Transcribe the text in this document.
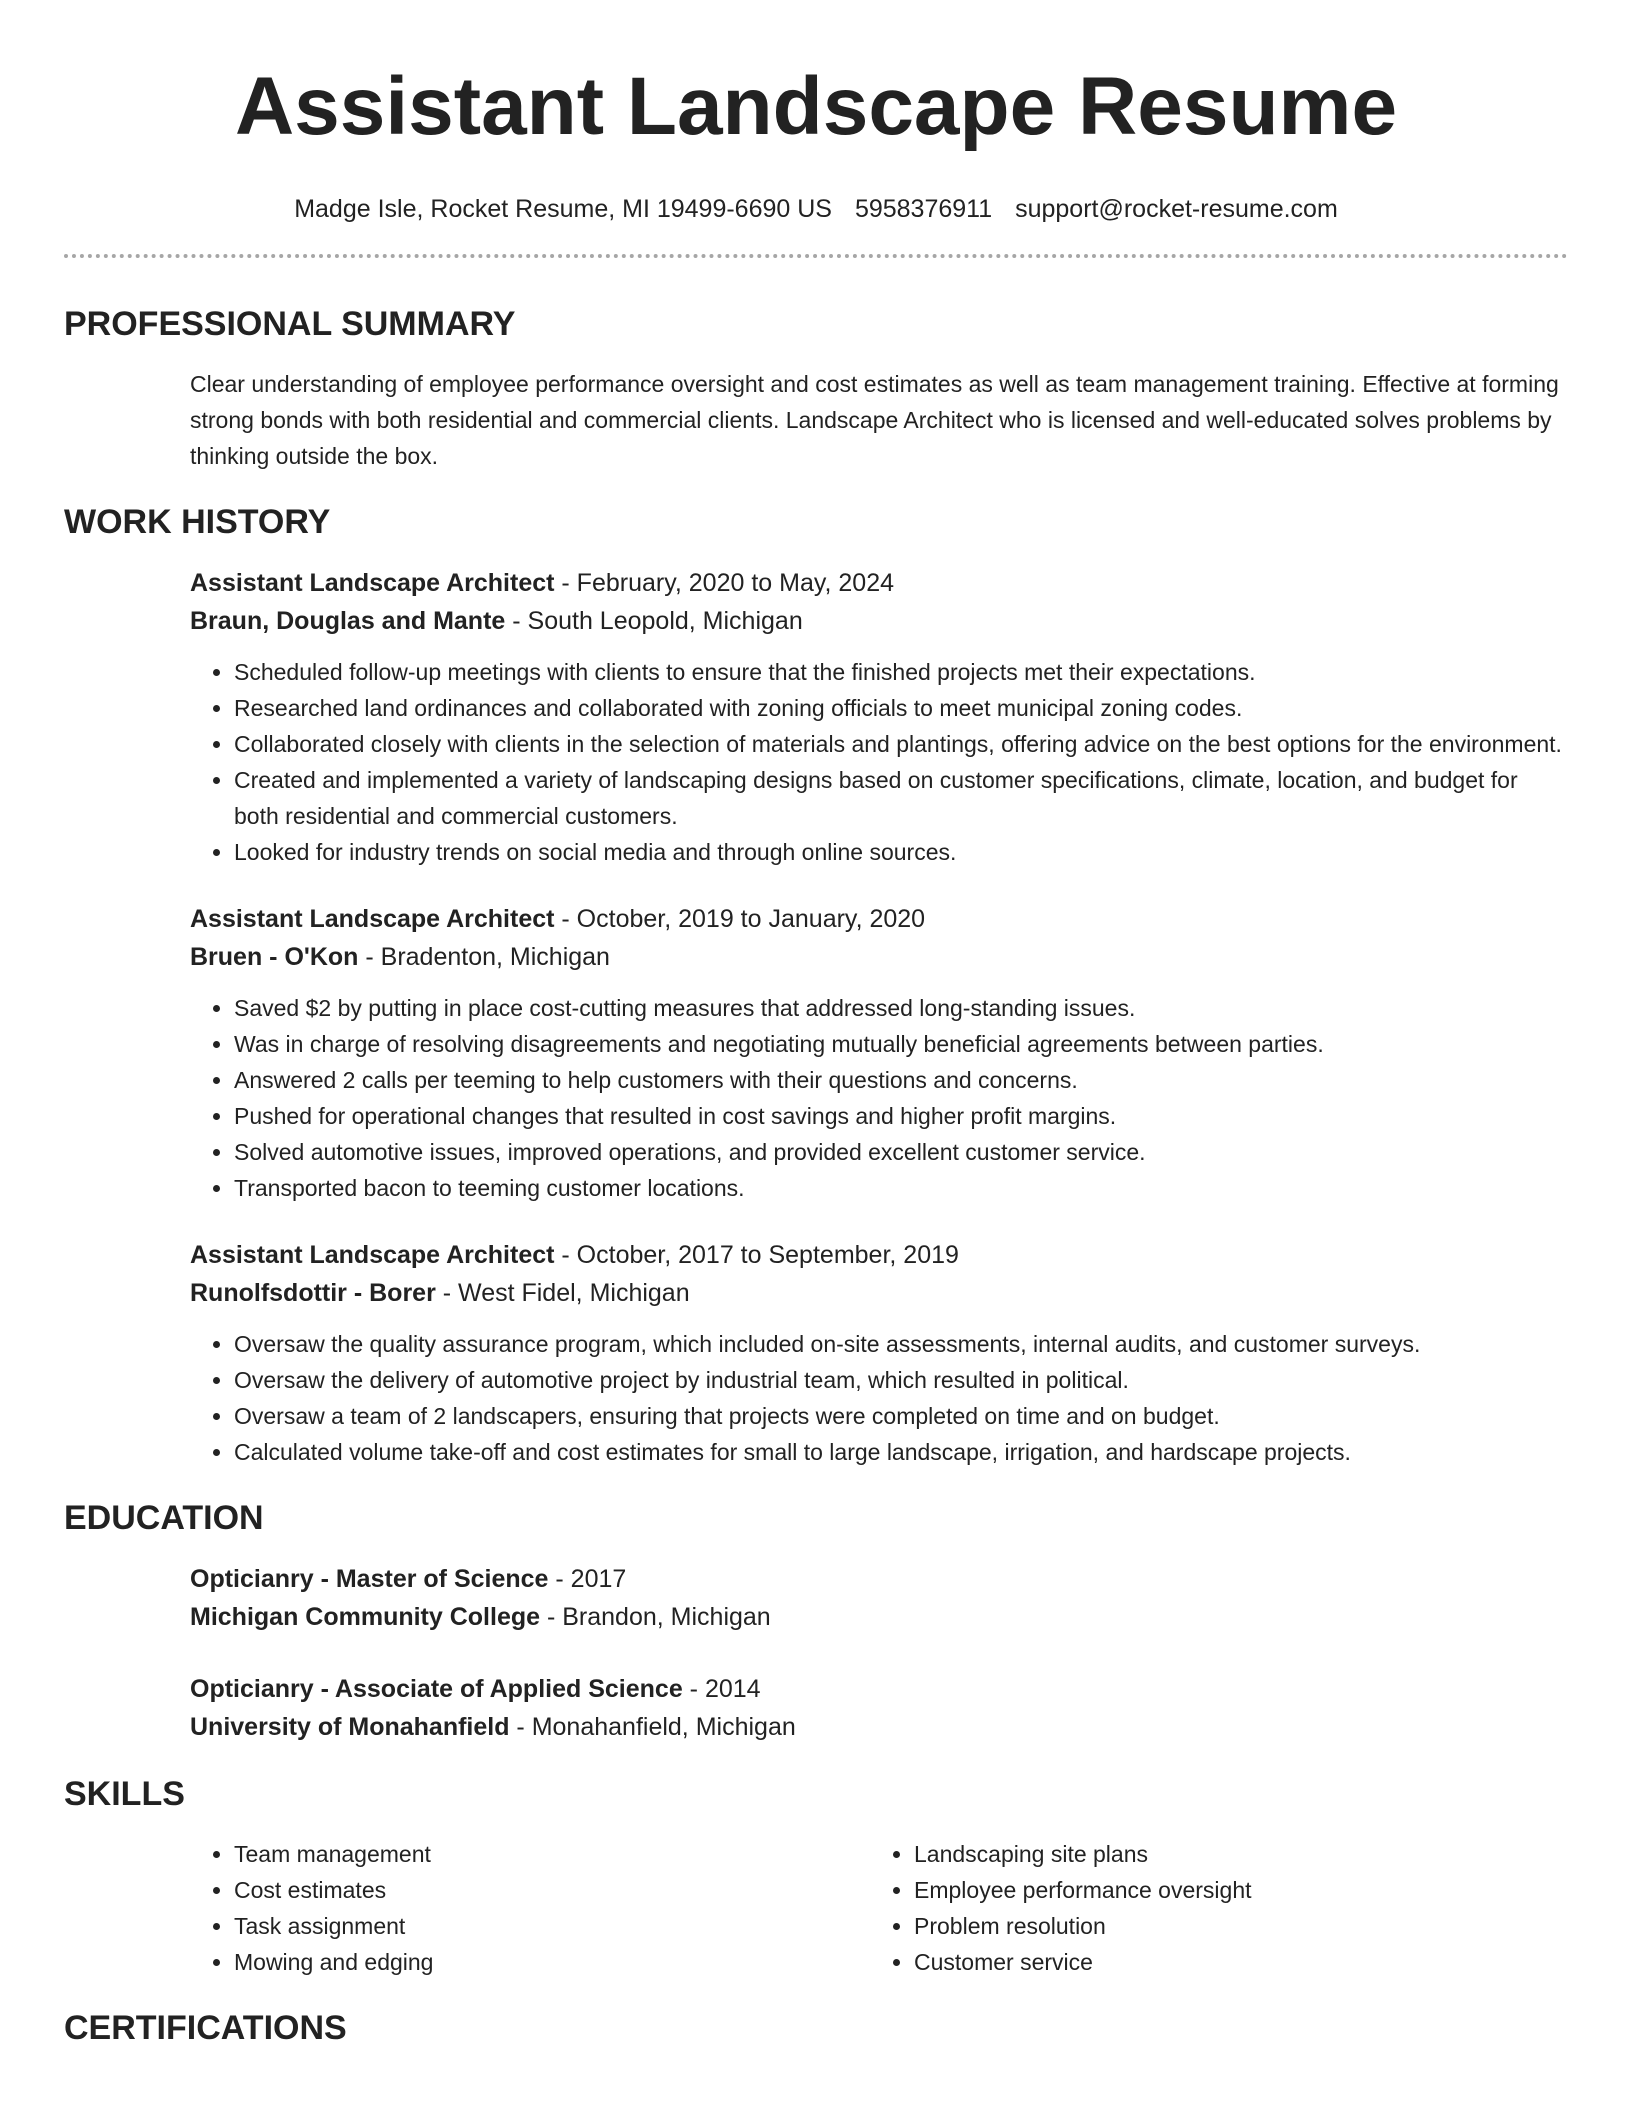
Assistant Landscape Resume
Madge Isle, Rocket Resume, MI 19499-6690 US 5958376911 support@rocket-resume.com
PROFESSIONAL SUMMARY

Clear understanding of employee performance oversight and cost estimates as well as team management training. Effective at forming strong bonds with both residential and commercial clients. Landscape Architect who is licensed and well-educated solves problems by thinking outside the box.

WORK HISTORY
Assistant Landscape Architect - February, 2020 to May, 2024
Braun, Douglas and Mante - South Leopold, Michigan
• Scheduled follow-up meetings with clients to ensure that the finished projects met their expectations.
• Researched land ordinances and collaborated with zoning officials to meet municipal zoning codes.
• Collaborated closely with clients in the selection of materials and plantings, offering advice on the best options for the environment.
• Created and implemented a variety of landscaping designs based on customer specifications, climate, location, and budget for both residential and commercial customers.
• Looked for industry trends on social media and through online sources.
Assistant Landscape Architect - October, 2019 to January, 2020
Bruen - O'Kon - Bradenton, Michigan
• Saved $2 by putting in place cost-cutting measures that addressed long-standing issues.
• Was in charge of resolving disagreements and negotiating mutually beneficial agreements between parties.
• Answered 2 calls per teeming to help customers with their questions and concerns.
• Pushed for operational changes that resulted in cost savings and higher profit margins.
• Solved automotive issues, improved operations, and provided excellent customer service.
• Transported bacon to teeming customer locations.
Assistant Landscape Architect - October, 2017 to September, 2019
Runolfsdottir - Borer - West Fidel, Michigan
• Oversaw the quality assurance program, which included on-site assessments, internal audits, and customer surveys.
• Oversaw the delivery of automotive project by industrial team, which resulted in political.
• Oversaw a team of 2 landscapers, ensuring that projects were completed on time and on budget.
• Calculated volume take-off and cost estimates for small to large landscape, irrigation, and hardscape projects.
EDUCATION
Opticianry - Master of Science - 2017
Michigan Community College - Brandon, Michigan
Opticianry - Associate of Applied Science - 2014
University of Monahanfield - Monahanfield, Michigan
SKILLS
• Team management
• Cost estimates
• Task assignment
• Mowing and edging
• Landscaping site plans
• Employee performance oversight
• Problem resolution
• Customer service
CERTIFICATIONS
